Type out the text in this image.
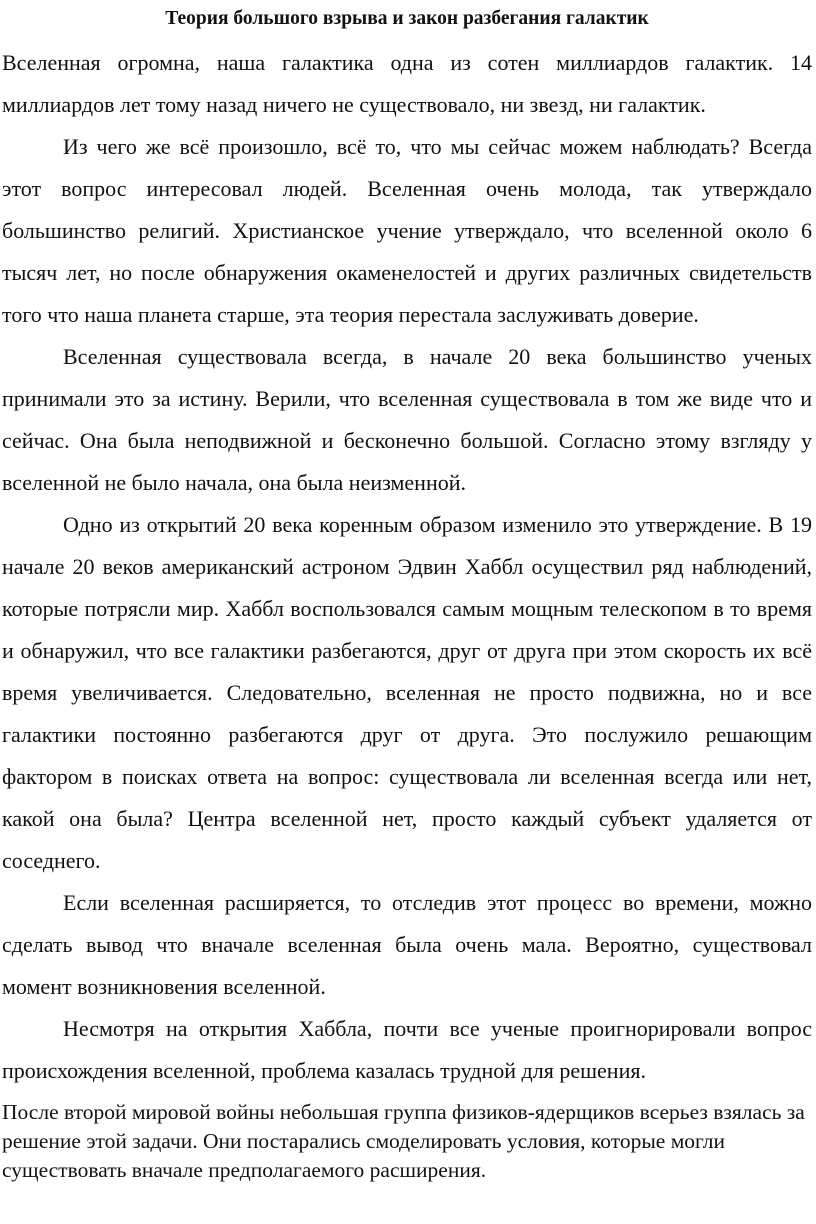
Теория большого взрыва и закон разбегания галактик

Вселенная огромна, наша галактика одна из сотен миллиардов галактик. 14 миллиардов лет тому назад ничего не существовало, ни звезд, ни галактик.

Из чего же всё произошло, всё то, что мы сейчас можем наблюдать? Всегда этот вопрос интересовал людей. Вселенная очень молода, так утверждало большинство религий. Христианское учение утверждало, что вселенной около 6 тысяч лет, но после обнаружения окаменелостей и других различных свидетельств того что наша планета старше, эта теория перестала заслуживать доверие.

Вселенная существовала всегда, в начале 20 века большинство ученых принимали это за истину. Верили, что вселенная существовала в том же виде что и сейчас. Она была неподвижной и бесконечно большой. Согласно этому взгляду у вселенной не было начала, она была неизменной.

Одно из открытий 20 века коренным образом изменило это утверждение. В 19 начале 20 веков американский астроном Эдвин Хаббл осуществил ряд наблюдений, которые потрясли мир. Хаббл воспользовался самым мощным телескопом в то время и обнаружил, что все галактики разбегаются, друг от друга при этом скорость их всё время увеличивается. Следовательно, вселенная не просто подвижна, но и все галактики постоянно разбегаются друг от друга. Это послужило решающим фактором в поисках ответа на вопрос: существовала ли вселенная всегда или нет, какой она была? Центра вселенной нет, просто каждый субъект удаляется от соседнего.

Если вселенная расширяется, то отследив этот процесс во времени, можно сделать вывод что вначале вселенная была очень мала. Вероятно, существовал момент возникновения вселенной.

Несмотря на открытия Хаббла, почти все ученые проигнорировали вопрос происхождения вселенной, проблема казалась трудной для решения.

После второй мировой войны небольшая группа физиков-ядерщиков всерьез взялась за решение этой задачи. Они постарались смоделировать условия, которые могли существовать вначале предполагаемого расширения.
